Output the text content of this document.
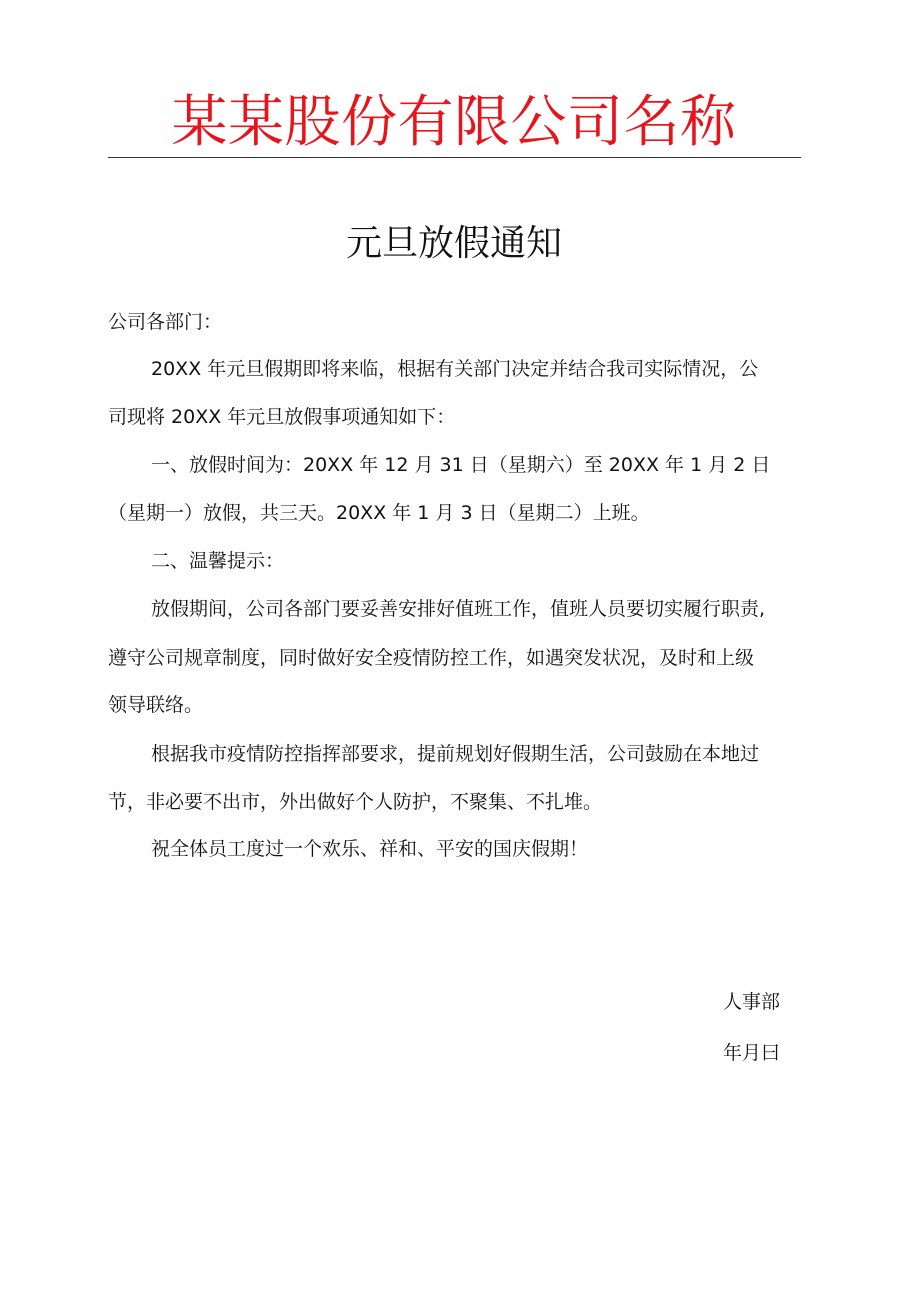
某某股份有限公司名称
元旦放假通知
公司各部门：
20XX 年元旦假期即将来临，根据有关部门决定并结合我司实际情况，公
司现将 20XX 年元旦放假事项通知如下：
一、放假时间为：20XX 年 12 月 31 日（星期六）至 20XX 年 1 月 2 日
（星期一）放假，共三天。20XX 年 1 月 3 日（星期二）上班。
二、温馨提示：
放假期间，公司各部门要妥善安排好值班工作，值班人员要切实履行职责,
遵守公司规章制度，同时做好安全疫情防控工作，如遇突发状况，及时和上级
领导联络。
根据我市疫情防控指挥部要求，提前规划好假期生活，公司鼓励在本地过
节，非必要不出市，外出做好个人防护，不聚集、不扎堆。
祝全体员工度过一个欢乐、祥和、平安的国庆假期！
人事部
年月曰
